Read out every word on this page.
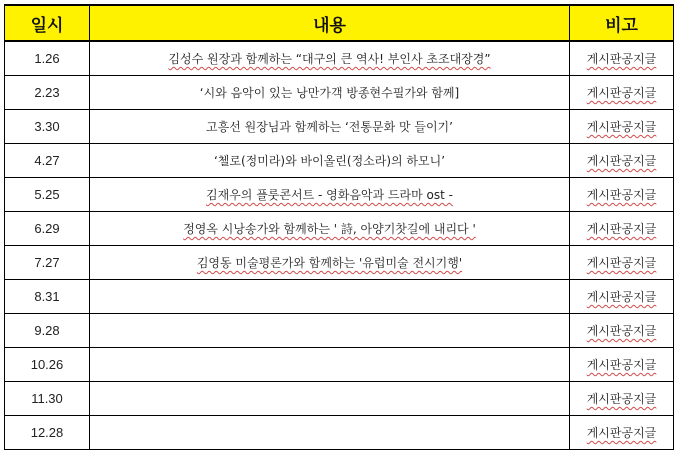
일시	내용	비고
1.26	김성수 원장과 함께하는 “대구의 큰 역사! 부인사 초조대장경”	게시판공지글
2.23	‘시와 음악이 있는 낭만가객 방종현수필가와 함께]	게시판공지글
3.30	고흥선 원장님과 함께하는 ‘전통문화 맛 들이기’	게시판공지글
4.27	‘첼로(정미라)와 바이올린(정소라)의 하모니’	게시판공지글
5.25	김재우의 플룻콘서트 - 영화음악과 드라마 ost -	게시판공지글
6.29	정영옥 시낭송가와 함께하는 ' 詩, 아양기찻길에 내리다 '	게시판공지글
7.27	김영동 미술평론가와 함께하는 '유럽미술 전시기행'	게시판공지글
8.31		게시판공지글
9.28		게시판공지글
10.26		게시판공지글
11.30		게시판공지글
12.28		게시판공지글
